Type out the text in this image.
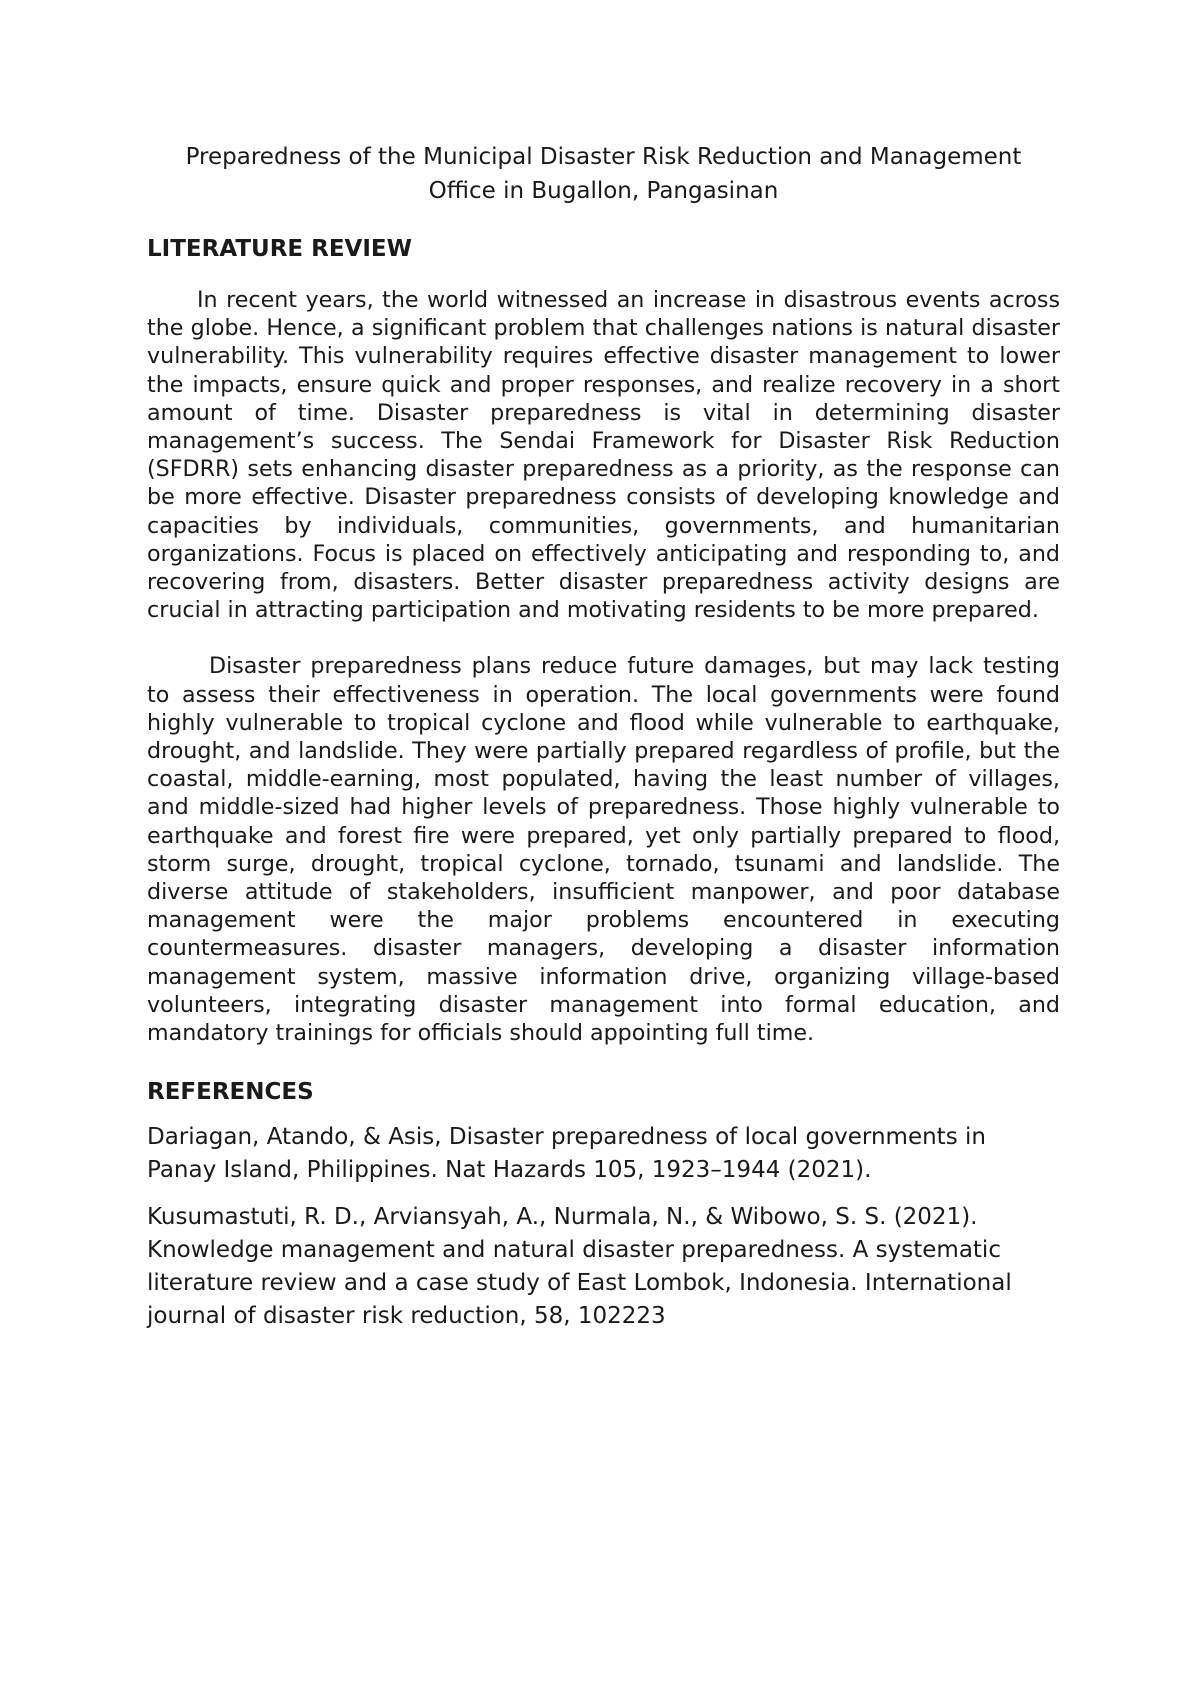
Preparedness of the Municipal Disaster Risk Reduction and Management
Office in Bugallon, Pangasinan
LITERATURE REVIEW

In recent years, the world witnessed an increase in disastrous events across the globe. Hence, a significant problem that challenges nations is natural disaster vulnerability. This vulnerability requires effective disaster management to lower the impacts, ensure quick and proper responses, and realize recovery in a short amount of time. Disaster preparedness is vital in determining disaster management’s success. The Sendai Framework for Disaster Risk Reduction (SFDRR) sets enhancing disaster preparedness as a priority, as the response can be more effective. Disaster preparedness consists of developing knowledge and capacities by individuals, communities, governments, and humanitarian organizations. Focus is placed on effectively anticipating and responding to, and recovering from, disasters. Better disaster preparedness activity designs are crucial in attracting participation and motivating residents to be more prepared.

Disaster preparedness plans reduce future damages, but may lack testing to assess their effectiveness in operation. The local governments were found highly vulnerable to tropical cyclone and flood while vulnerable to earthquake, drought, and landslide. They were partially prepared regardless of profile, but the coastal, middle-earning, most populated, having the least number of villages, and middle-sized had higher levels of preparedness. Those highly vulnerable to earthquake and forest fire were prepared, yet only partially prepared to flood, storm surge, drought, tropical cyclone, tornado, tsunami and landslide. The diverse attitude of stakeholders, insufficient manpower, and poor database management were the major problems encountered in executing countermeasures. disaster managers, developing a disaster information management system, massive information drive, organizing village-based volunteers, integrating disaster management into formal education, and mandatory trainings for officials should appointing full time.

REFERENCES

Dariagan, Atando, & Asis, Disaster preparedness of local governments in Panay Island, Philippines. Nat Hazards 105, 1923–1944 (2021).

Kusumastuti, R. D., Arviansyah, A., Nurmala, N., & Wibowo, S. S. (2021). Knowledge management and natural disaster preparedness. A systematic literature review and a case study of East Lombok, Indonesia. International journal of disaster risk reduction, 58, 102223
